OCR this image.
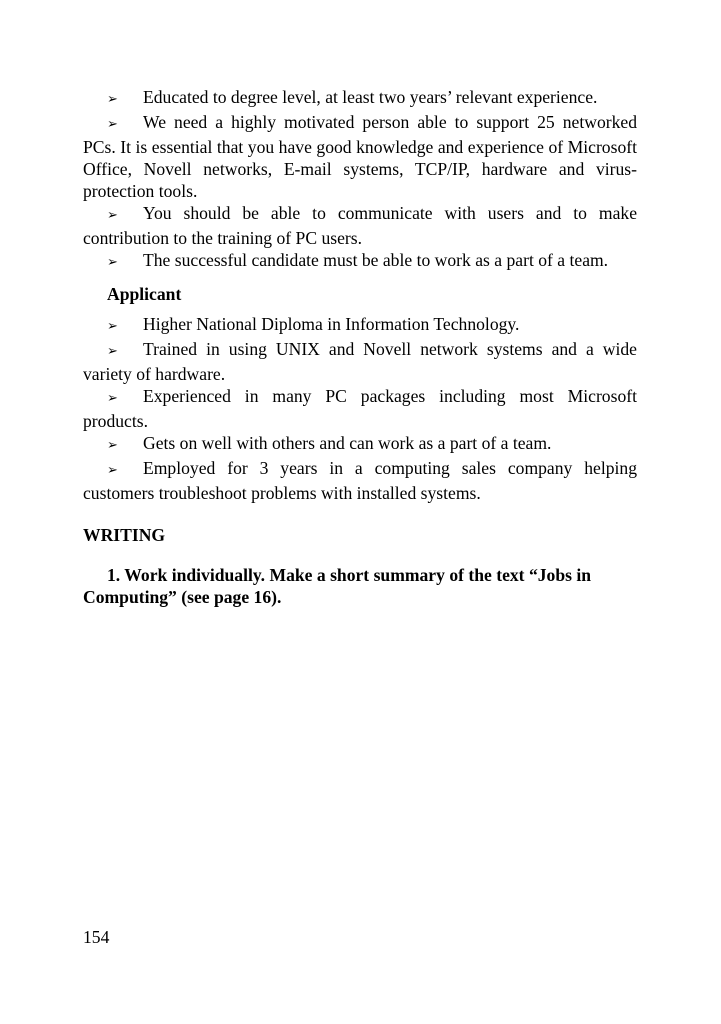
➢ Educated to degree level, at least two years’ relevant experience.

➢ We need a highly motivated person able to support 25 networked PCs. It is essential that you have good knowledge and experience of Microsoft Office, Novell networks, E-mail systems, TCP/IP, hardware and virus-protection tools.

➢ You should be able to communicate with users and to make contribution to the training of PC users.

➢ The successful candidate must be able to work as a part of a team.

Applicant

➢ Higher National Diploma in Information Technology.

➢ Trained in using UNIX and Novell network systems and a wide variety of hardware.

➢ Experienced in many PC packages including most Microsoft products.

➢ Gets on well with others and can work as a part of a team.

➢ Employed for 3 years in a computing sales company helping customers troubleshoot problems with installed systems.

WRITING

1. Work individually. Make a short summary of the text “Jobs in Computing” (see page 16).

154
